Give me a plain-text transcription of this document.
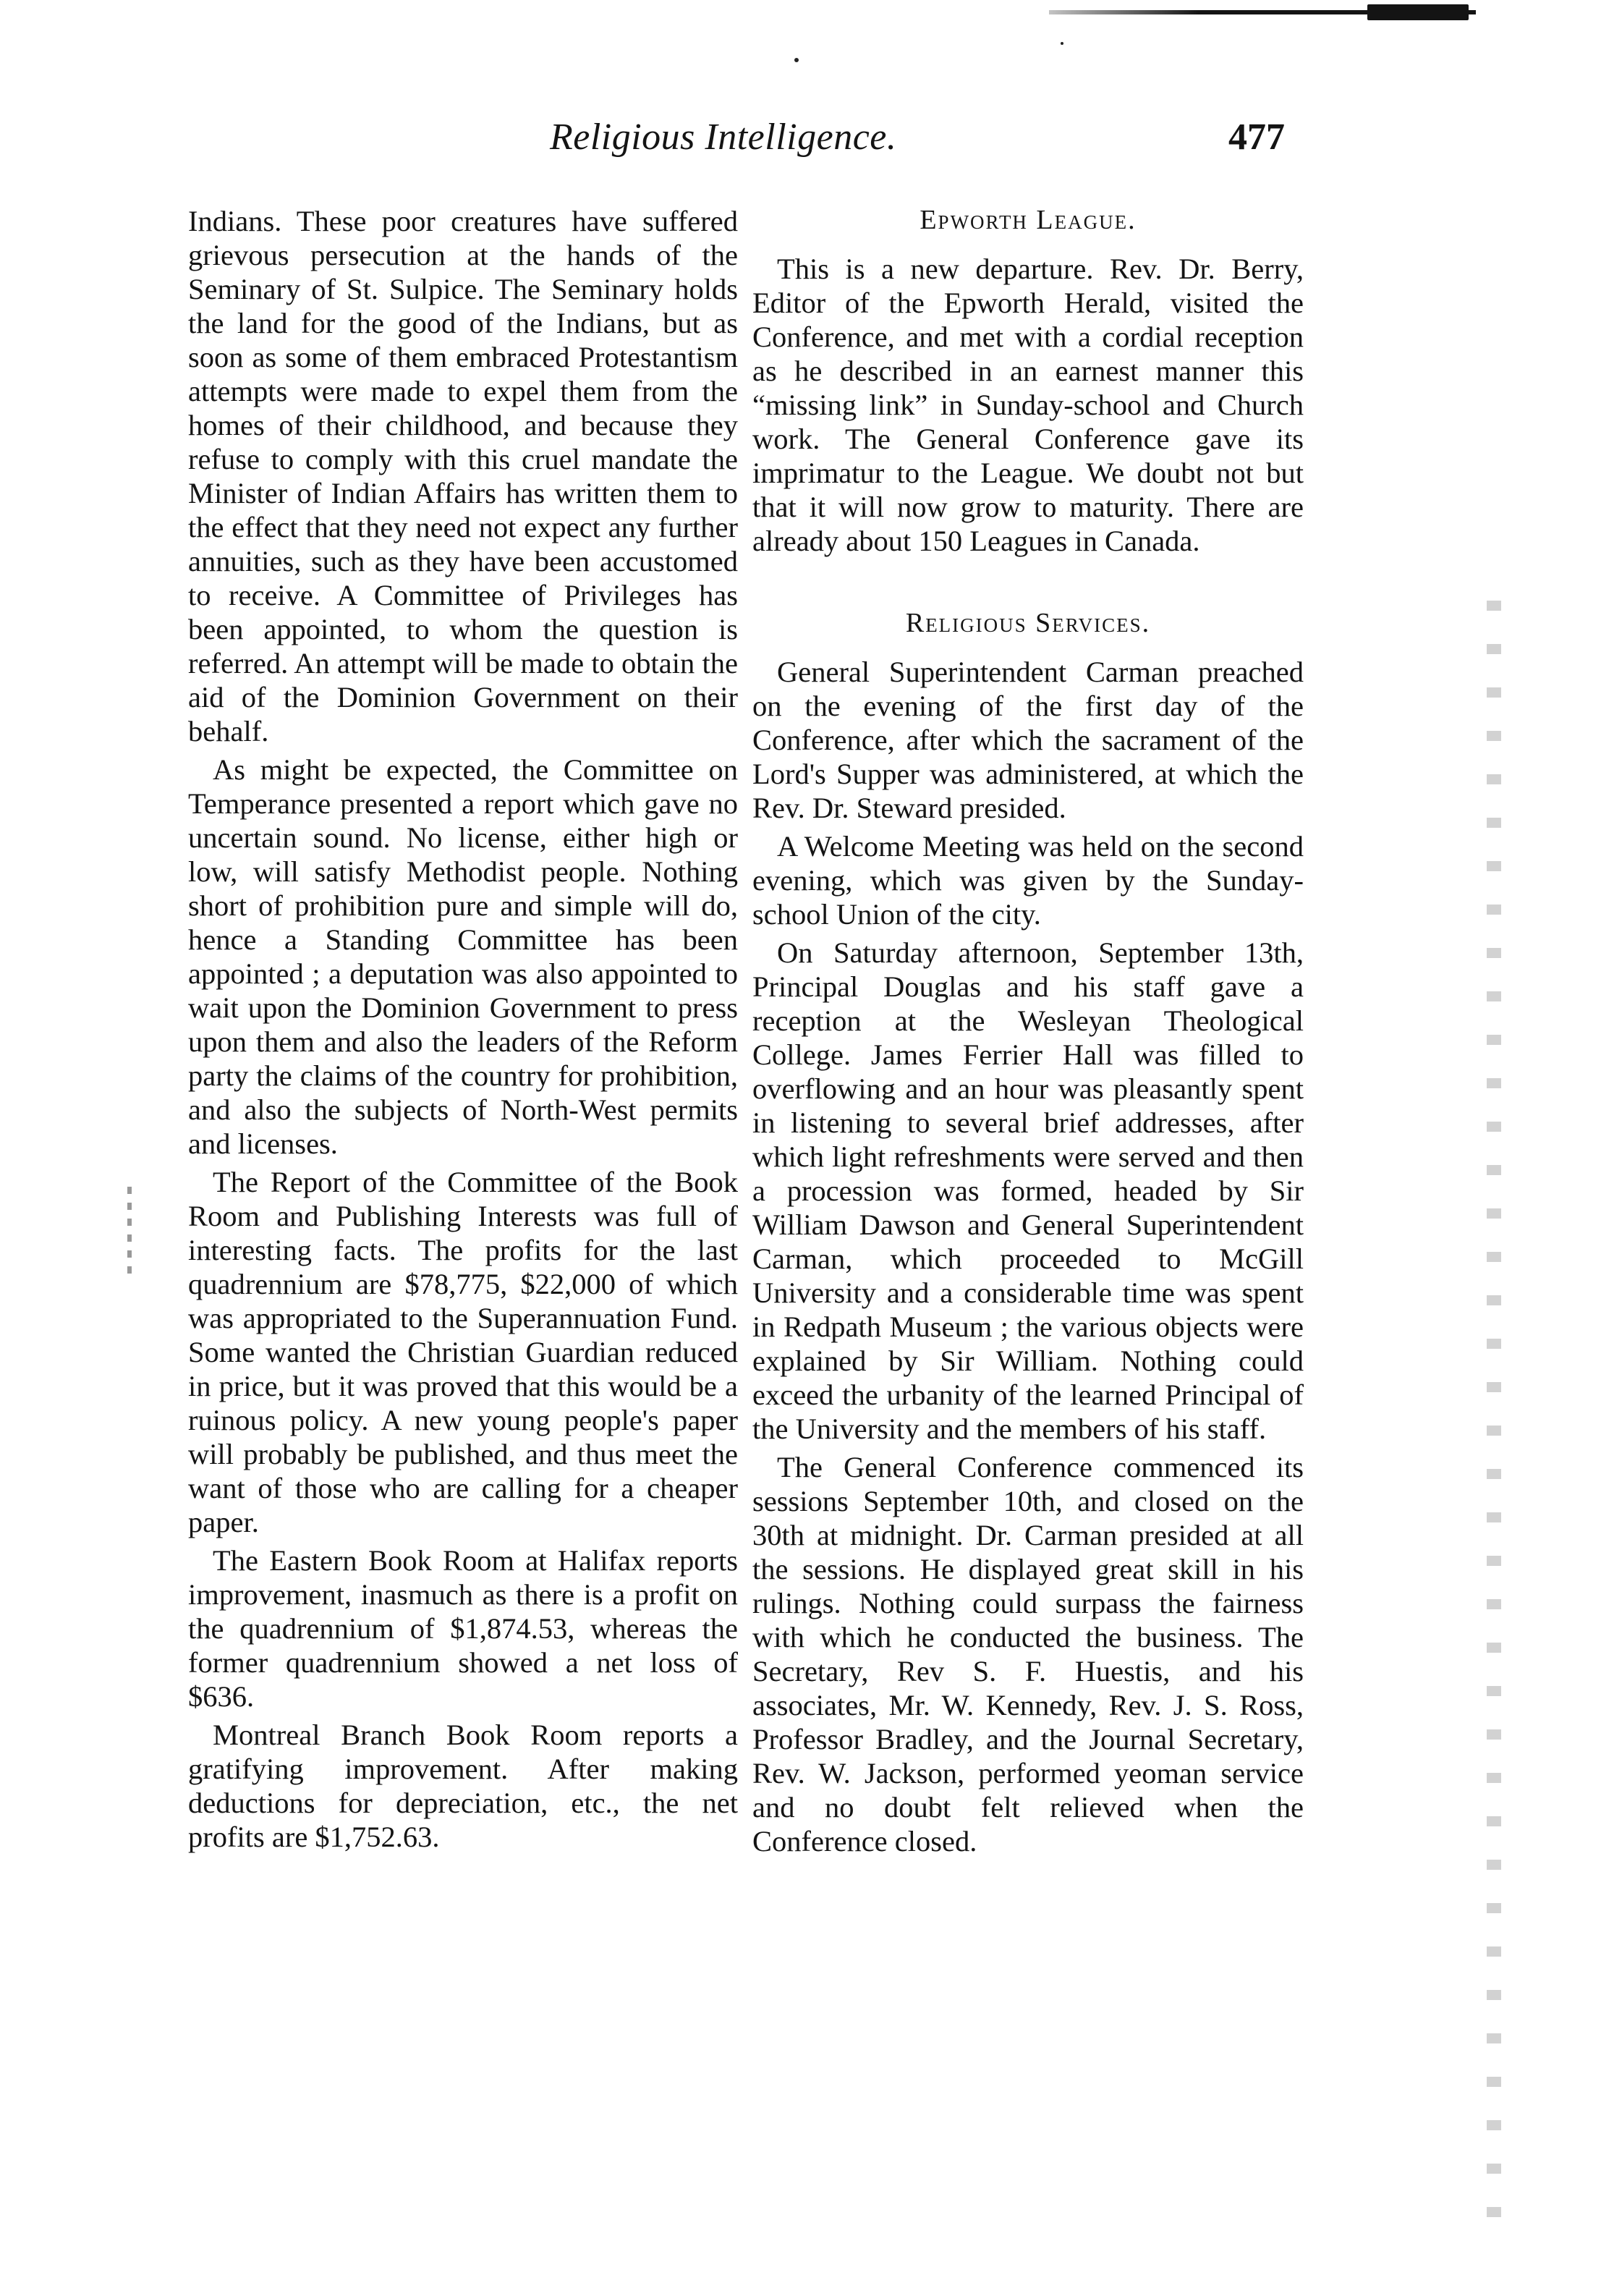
Religious Intelligence.	477

Indians. These poor creatures have suffered grievous persecution at the hands of the Seminary of St. Sulpice. The Seminary holds the land for the good of the Indians, but as soon as some of them embraced Protestantism attempts were made to expel them from the homes of their childhood, and because they refuse to comply with this cruel mandate the Minister of Indian Affairs has written them to the effect that they need not expect any further annuities, such as they have been accustomed to receive. A Committee of Privileges has been appointed, to whom the question is referred. An attempt will be made to obtain the aid of the Dominion Government on their behalf.

As might be expected, the Committee on Temperance presented a report which gave no uncertain sound. No license, either high or low, will satisfy Methodist people. Nothing short of prohibition pure and simple will do, hence a Standing Committee has been appointed ; a deputation was also appointed to wait upon the Dominion Government to press upon them and also the leaders of the Reform party the claims of the country for prohibition, and also the subjects of North-West permits and licenses.

The Report of the Committee of the Book Room and Publishing Interests was full of interesting facts. The profits for the last quadrennium are $78,775, $22,000 of which was appropriated to the Superannuation Fund. Some wanted the Christian Guardian reduced in price, but it was proved that this would be a ruinous policy. A new young people's paper will probably be published, and thus meet the want of those who are calling for a cheaper paper.

The Eastern Book Room at Halifax reports improvement, inasmuch as there is a profit on the quadrennium of $1,874.53, whereas the former quadrennium showed a net loss of $636.

Montreal Branch Book Room reports a gratifying improvement. After making deductions for depreciation, etc., the net profits are $1,752.63.

Epworth League.

This is a new departure. Rev. Dr. Berry, Editor of the Epworth Herald, visited the Conference, and met with a cordial reception as he described in an earnest manner this “missing link” in Sunday-school and Church work. The General Conference gave its imprimatur to the League. We doubt not but that it will now grow to maturity. There are already about 150 Leagues in Canada.

Religious Services.

General Superintendent Carman preached on the evening of the first day of the Conference, after which the sacrament of the Lord's Supper was administered, at which the Rev. Dr. Steward presided.

A Welcome Meeting was held on the second evening, which was given by the Sunday-school Union of the city.

On Saturday afternoon, September 13th, Principal Douglas and his staff gave a reception at the Wesleyan Theological College. James Ferrier Hall was filled to overflowing and an hour was pleasantly spent in listening to several brief addresses, after which light refreshments were served and then a procession was formed, headed by Sir William Dawson and General Superintendent Carman, which proceeded to McGill University and a considerable time was spent in Redpath Museum ; the various objects were explained by Sir William. Nothing could exceed the urbanity of the learned Principal of the University and the members of his staff.

The General Conference commenced its sessions September 10th, and closed on the 30th at midnight. Dr. Carman presided at all the sessions. He displayed great skill in his rulings. Nothing could surpass the fairness with which he conducted the business. The Secretary, Rev S. F. Huestis, and his associates, Mr. W. Kennedy, Rev. J. S. Ross, Professor Bradley, and the Journal Secretary, Rev. W. Jackson, performed yeoman service and no doubt felt relieved when the Conference closed.
